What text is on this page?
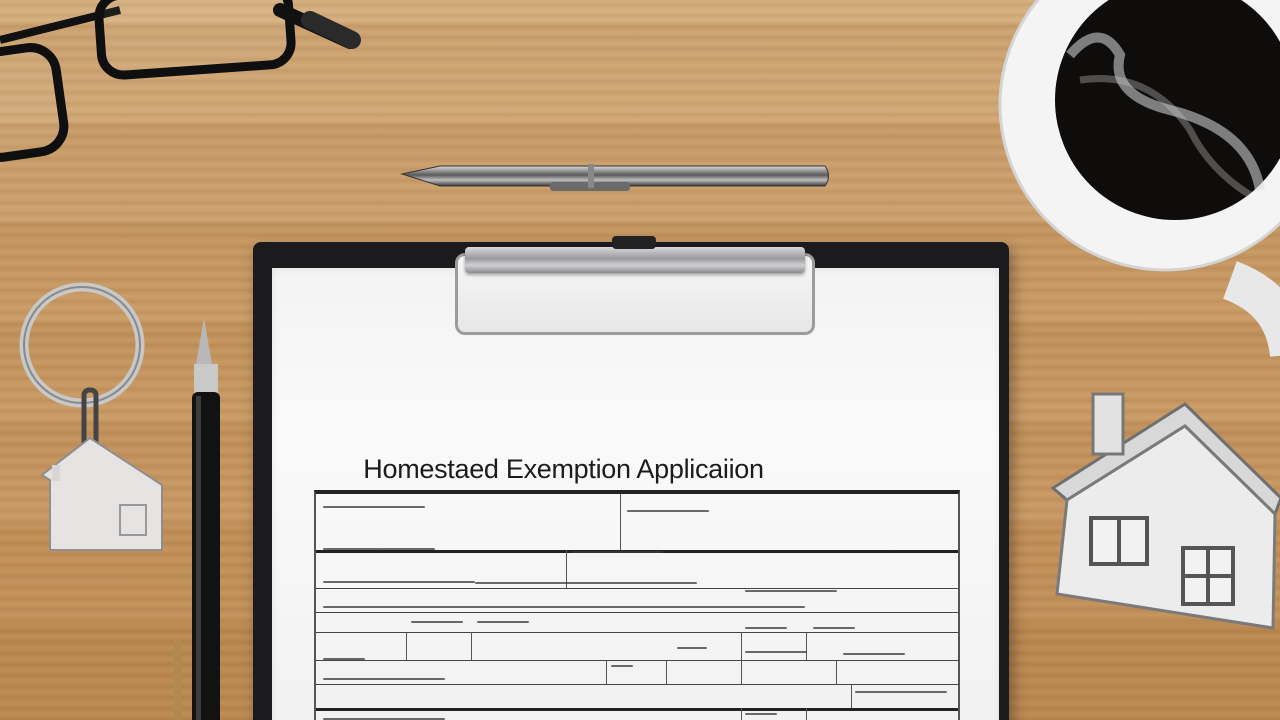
Homestaed Exemption Applicaiion
